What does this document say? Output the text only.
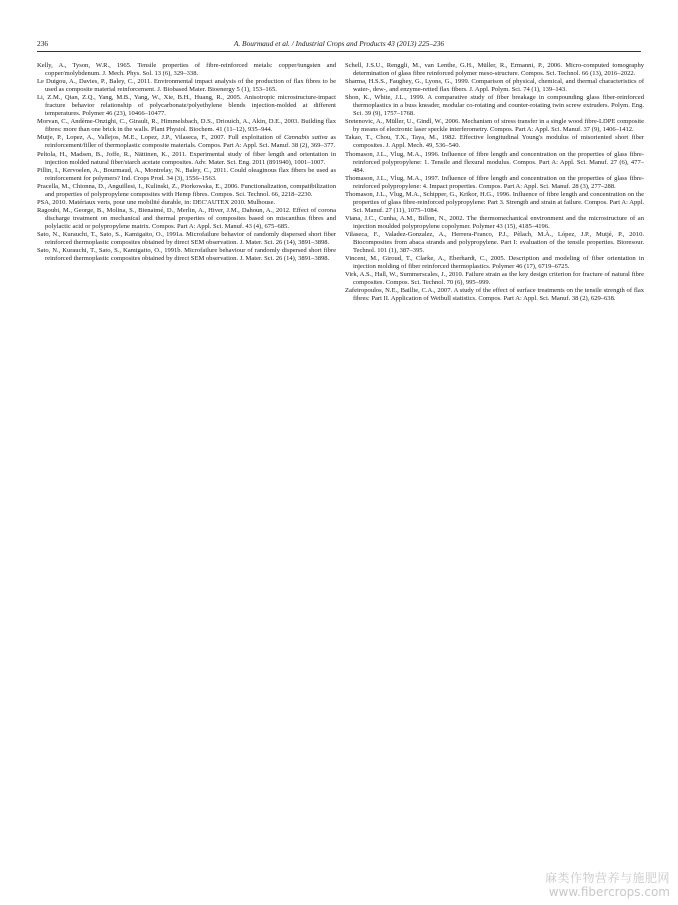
236	A. Bourmaud et al. / Industrial Crops and Products 43 (2013) 225–236

Kelly, A., Tyson, W.R., 1965. Tensile properties of fibre-reinforced metals: copper/tungsten and copper/molybdenum. J. Mech. Phys. Sol. 13 (6), 329–338.

Le Duigou, A., Davies, P., Baley, C., 2011. Environmental impact analysis of the production of flax fibres to be used as composite material reinforcement. J. Biobased Mater. Bioenergy 5 (1), 153–165.

Li, Z.M., Qian, Z.Q., Yang, M.B., Yang, W., Xie, B.H., Huang, R., 2005. Anisotropic microstructure-impact fracture behavior relationship of polycarbonate/polyethylene blends injection-molded at different temperatures. Polymer 46 (23), 10466–10477.

Morvan, C., Andème-Onzighi, C., Girault, R., Himmelsbach, D.S., Driouich, A., Akin, D.E., 2003. Building flax fibres: more than one brick in the walls. Plant Physiol. Biochem. 41 (11–12), 935–944.

Mutje, P., Lopez, A., Vallejos, M.E., Lopez, J.P., Vilaseca, F., 2007. Full exploitation of Cannabis sativa as reinforcement/filler of thermoplastic composite materials. Compos. Part A: Appl. Sci. Manuf. 38 (2), 369–377.

Peltola, H., Madsen, B., Joffe, R., Nättinen, K., 2011. Experimental study of fiber length and orientation in injection molded natural fiber/starch acetate composites. Adv. Mater. Sci. Eng. 2011 (891940), 1001–1007.

Pillin, I., Kervoelen, A., Bourmaud, A., Montrelay, N., Baley, C., 2011. Could oleaginous flax fibers be used as reinforcement for polymers? Ind. Crops Prod. 34 (3), 1556–1563.

Pracella, M., Chionna, D., Anguillesi, I., Kulinski, Z., Piorkowska, E., 2006. Functionalization, compatibilization and properties of polypropylene composites with Hemp fibres. Compos. Sci. Technol. 66, 2218–2230.

PSA, 2010. Matériaux verts, pour une mobilité durable, in: DEC'AUTEX 2010. Mulhouse.

Ragoubi, M., George, B., Molina, S., Bienaimé, D., Merlin, A., Hiver, J.M., Dahoun, A., 2012. Effect of corona discharge treatment on mechanical and thermal properties of composites based on miscanthus fibres and polylactic acid or polypropylene matrix. Compos. Part A: Appl. Sci. Manuf. 43 (4), 675–685.

Sato, N., Kurauchi, T., Sato, S., Kamigaito, O., 1991a. Microfailure behavior of randomly dispersed short fiber reinforced thermoplastic composites obtained by direct SEM observation. J. Mater. Sci. 26 (14), 3891–3898.

Sato, N., Kurauchi, T., Sato, S., Kamigaito, O., 1991b. Microfailure behaviour of randomly dispersed short fibre reinforced thermoplastic composites obtained by direct SEM observation. J. Mater. Sci. 26 (14), 3891–3898.

Schell, J.S.U., Renggli, M., van Lenthe, G.H., Müller, R., Ermanni, P., 2006. Micro-computed tomography determination of glass fibre reinforced polymer meso-structure. Compos. Sci. Technol. 66 (13), 2016–2022.

Sharma, H.S.S., Faughey, G., Lyons, G., 1999. Comparison of physical, chemical, and thermal characteristics of water-, dew-, and enzyme-retted flax fibers. J. Appl. Polym. Sci. 74 (1), 139–143.

Shon, K., White, J.L., 1999. A comparative study of fiber breakage in compounding glass fiber-reinforced thermoplastics in a buss kneader, modular co-rotating and counter-rotating twin screw extruders. Polym. Eng. Sci. 39 (9), 1757–1768.

Sretenovic, A., Müller, U., Gindl, W., 2006. Mechanism of stress transfer in a single wood fibre-LDPE composite by means of electronic laser speckle interferometry. Compos. Part A: Appl. Sci. Manuf. 37 (9), 1406–1412.

Takao, T., Chou, T.X., Taya, M., 1982. Effective longitudinal Young's modulus of misoriented short fiber composites. J. Appl. Mech. 49, 536–540.

Thomason, J.L., Vlug, M.A., 1996. Influence of fibre length and concentration on the properties of glass fibre-reinforced polypropylene: 1. Tensile and flexural modulus. Compos. Part A: Appl. Sci. Manuf. 27 (6), 477–484.

Thomason, J.L., Vlug, M.A., 1997. Influence of fibre length and concentration on the properties of glass fibre-reinforced polypropylene: 4. Impact properties. Compos. Part A: Appl. Sci. Manuf. 28 (3), 277–288.

Thomason, J.L., Vlug, M.A., Schipper, G., Krikor, H.G., 1996. Influence of fibre length and concentration on the properties of glass fibre-reinforced polypropylene: Part 3. Strength and strain at failure. Compos. Part A: Appl. Sci. Manuf. 27 (11), 1075–1084.

Viana, J.C., Cunha, A.M., Billon, N., 2002. The thermomechanical environment and the microstructure of an injection moulded polypropylene copolymer. Polymer 43 (15), 4185–4196.

Vilaseca, F., Valadez-Gonzalez, A., Herrera-Franco, P.J., Pèlach, M.À., López, J.P., Mutjé, P., 2010. Biocomposites from abaca strands and polypropylene. Part I: evaluation of the tensile properties. Bioresour. Technol. 101 (1), 387–395.

Vincent, M., Giroud, T., Clarke, A., Eberhardt, C., 2005. Description and modeling of fiber orientation in injection molding of fiber reinforced thermoplastics. Polymer 46 (17), 6719–6725.

Virk, A.S., Hall, W., Summerscales, J., 2010. Failure strain as the key design criterion for fracture of natural fibre composites. Compos. Sci. Technol. 70 (6), 995–999.

Zafeiropoulos, N.E., Baillie, C.A., 2007. A study of the effect of surface treatments on the tensile strength of flax fibres: Part II. Application of Weibull statistics. Compos. Part A: Appl. Sci. Manuf. 38 (2), 629–638.

麻类作物营养与施肥网
www.fibercrops.com
